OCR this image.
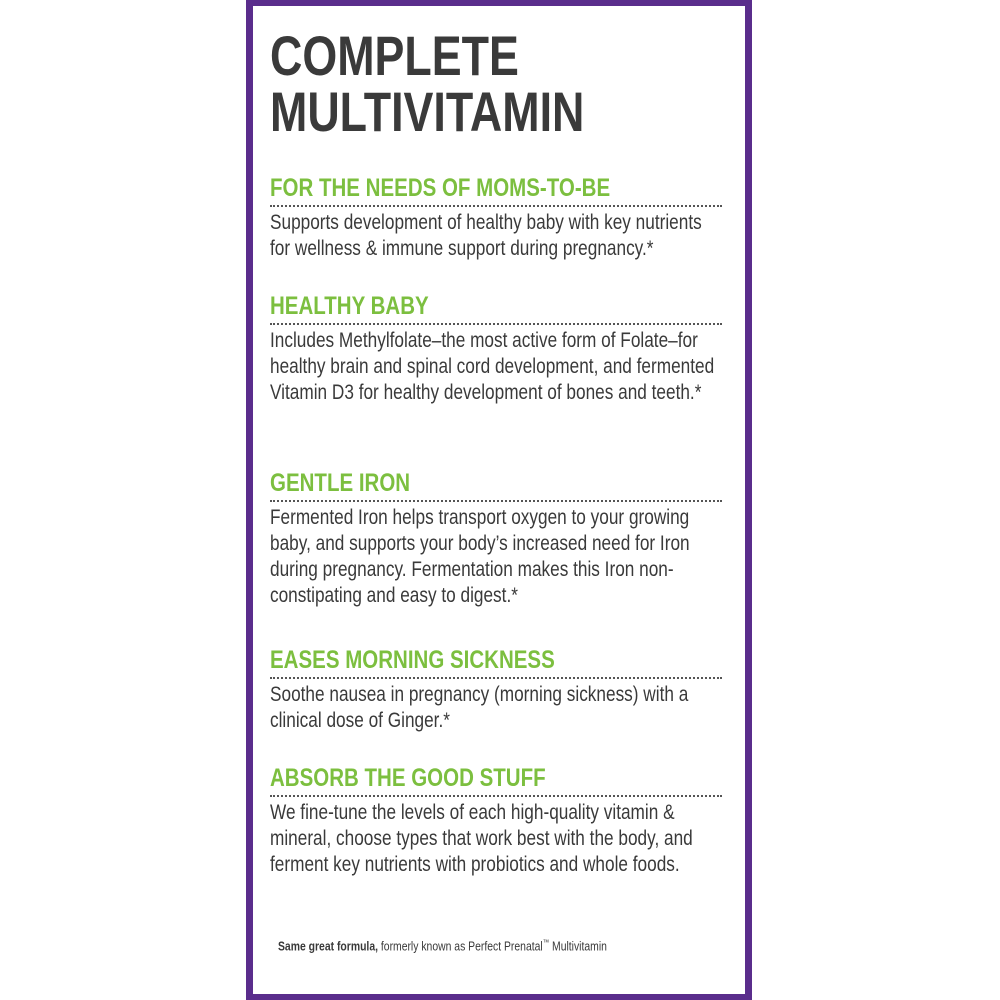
COMPLETE
MULTIVITAMIN
FOR THE NEEDS OF MOMS-TO-BE
Supports development of healthy baby with key nutrients for wellness & immune support during pregnancy.*
HEALTHY BABY
Includes Methylfolate–the most active form of Folate–for healthy brain and spinal cord development, and fermented Vitamin D3 for healthy development of bones and teeth.*
GENTLE IRON
Fermented Iron helps transport oxygen to your growing baby, and supports your body’s increased need for Iron during pregnancy. Fermentation makes this Iron non-constipating and easy to digest.*
EASES MORNING SICKNESS
Soothe nausea in pregnancy (morning sickness) with a clinical dose of Ginger.*
ABSORB THE GOOD STUFF
We fine-tune the levels of each high-quality vitamin & mineral, choose types that work best with the body, and ferment key nutrients with probiotics and whole foods.
Same great formula, formerly known as Perfect Prenatal™ Multivitamin
